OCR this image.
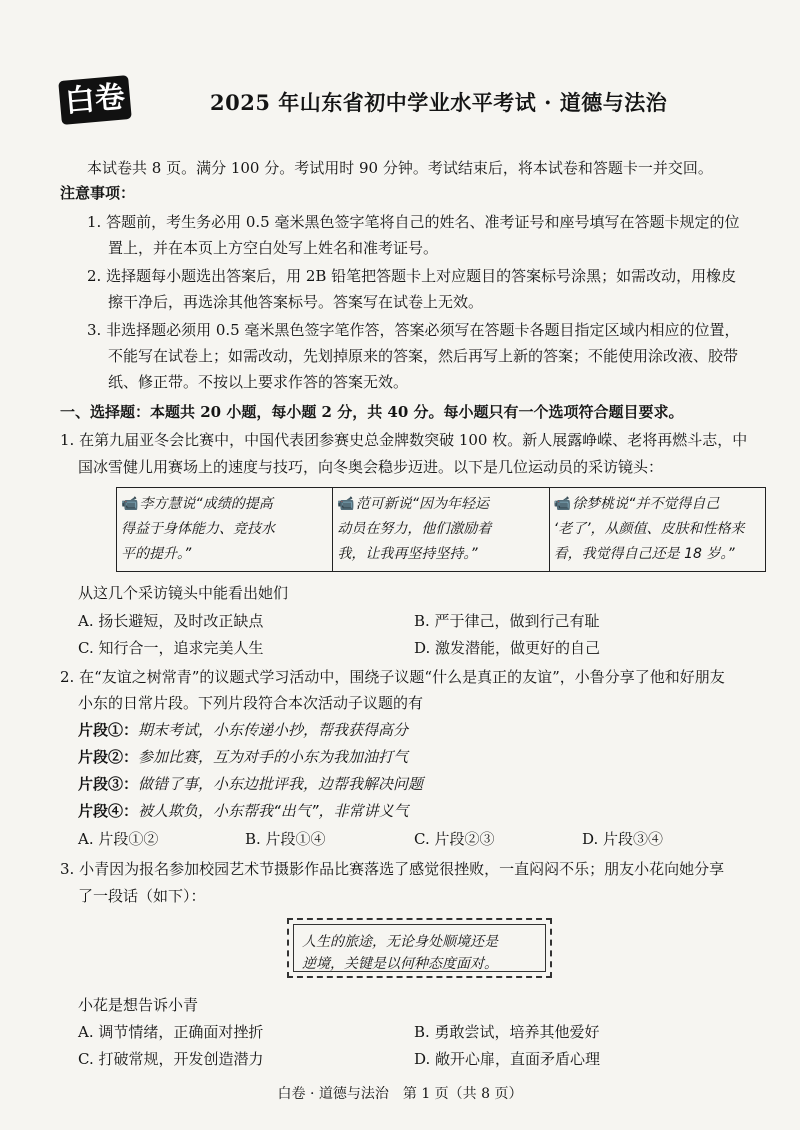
白卷	2025 年山东省初中学业水平考试 · 道德与法治
本试卷共 8 页。满分 100 分。考试用时 90 分钟。考试结束后，将本试卷和答题卡一并交回。
注意事项：
1. 答题前，考生务必用 0.5 毫米黑色签字笔将自己的姓名、准考证号和座号填写在答题卡规定的位
置上，并在本页上方空白处写上姓名和准考证号。
2. 选择题每小题选出答案后，用 2B 铅笔把答题卡上对应题目的答案标号涂黑；如需改动，用橡皮
擦干净后，再选涂其他答案标号。答案写在试卷上无效。
3. 非选择题必须用 0.5 毫米黑色签字笔作答，答案必须写在答题卡各题目指定区域内相应的位置，
不能写在试卷上；如需改动，先划掉原来的答案，然后再写上新的答案；不能使用涂改液、胶带
纸、修正带。不按以上要求作答的答案无效。
一、选择题：本题共 20 小题，每小题 2 分，共 40 分。每小题只有一个选项符合题目要求。
1. 在第九届亚冬会比赛中，中国代表团参赛史总金牌数突破 100 枚。新人展露峥嵘、老将再燃斗志，中
国冰雪健儿用赛场上的速度与技巧，向冬奥会稳步迈进。以下是几位运动员的采访镜头：
📹李方慧说“成绩的提高
得益于身体能力、竞技水
平的提升。”

📹范可新说“因为年轻运
动员在努力，他们激励着
我，让我再坚持坚持。”

📹徐梦桃说“并不觉得自己
‘老了’，从颜值、皮肤和性格来
看，我觉得自己还是 18 岁。”
从这几个采访镜头中能看出她们
A. 扬长避短，及时改正缺点	B. 严于律己，做到行己有耻
C. 知行合一，追求完美人生	D. 激发潜能，做更好的自己
2. 在“友谊之树常青”的议题式学习活动中，围绕子议题“什么是真正的友谊”，小鲁分享了他和好朋友
小东的日常片段。下列片段符合本次活动子议题的有
片段①：期末考试，小东传递小抄，帮我获得高分
片段②：参加比赛，互为对手的小东为我加油打气
片段③：做错了事，小东边批评我，边帮我解决问题
片段④：被人欺负，小东帮我“出气”，非常讲义气
A. 片段①②	B. 片段①④	C. 片段②③	D. 片段③④
3. 小青因为报名参加校园艺术节摄影作品比赛落选了感觉很挫败，一直闷闷不乐；朋友小花向她分享
了一段话（如下）：
人生的旅途，无论身处顺境还是
逆境，关键是以何种态度面对。
小花是想告诉小青
A. 调节情绪，正确面对挫折	B. 勇敢尝试，培养其他爱好
C. 打破常规，开发创造潜力	D. 敞开心扉，直面矛盾心理
白卷 · 道德与法治　第 1 页（共 8 页）
